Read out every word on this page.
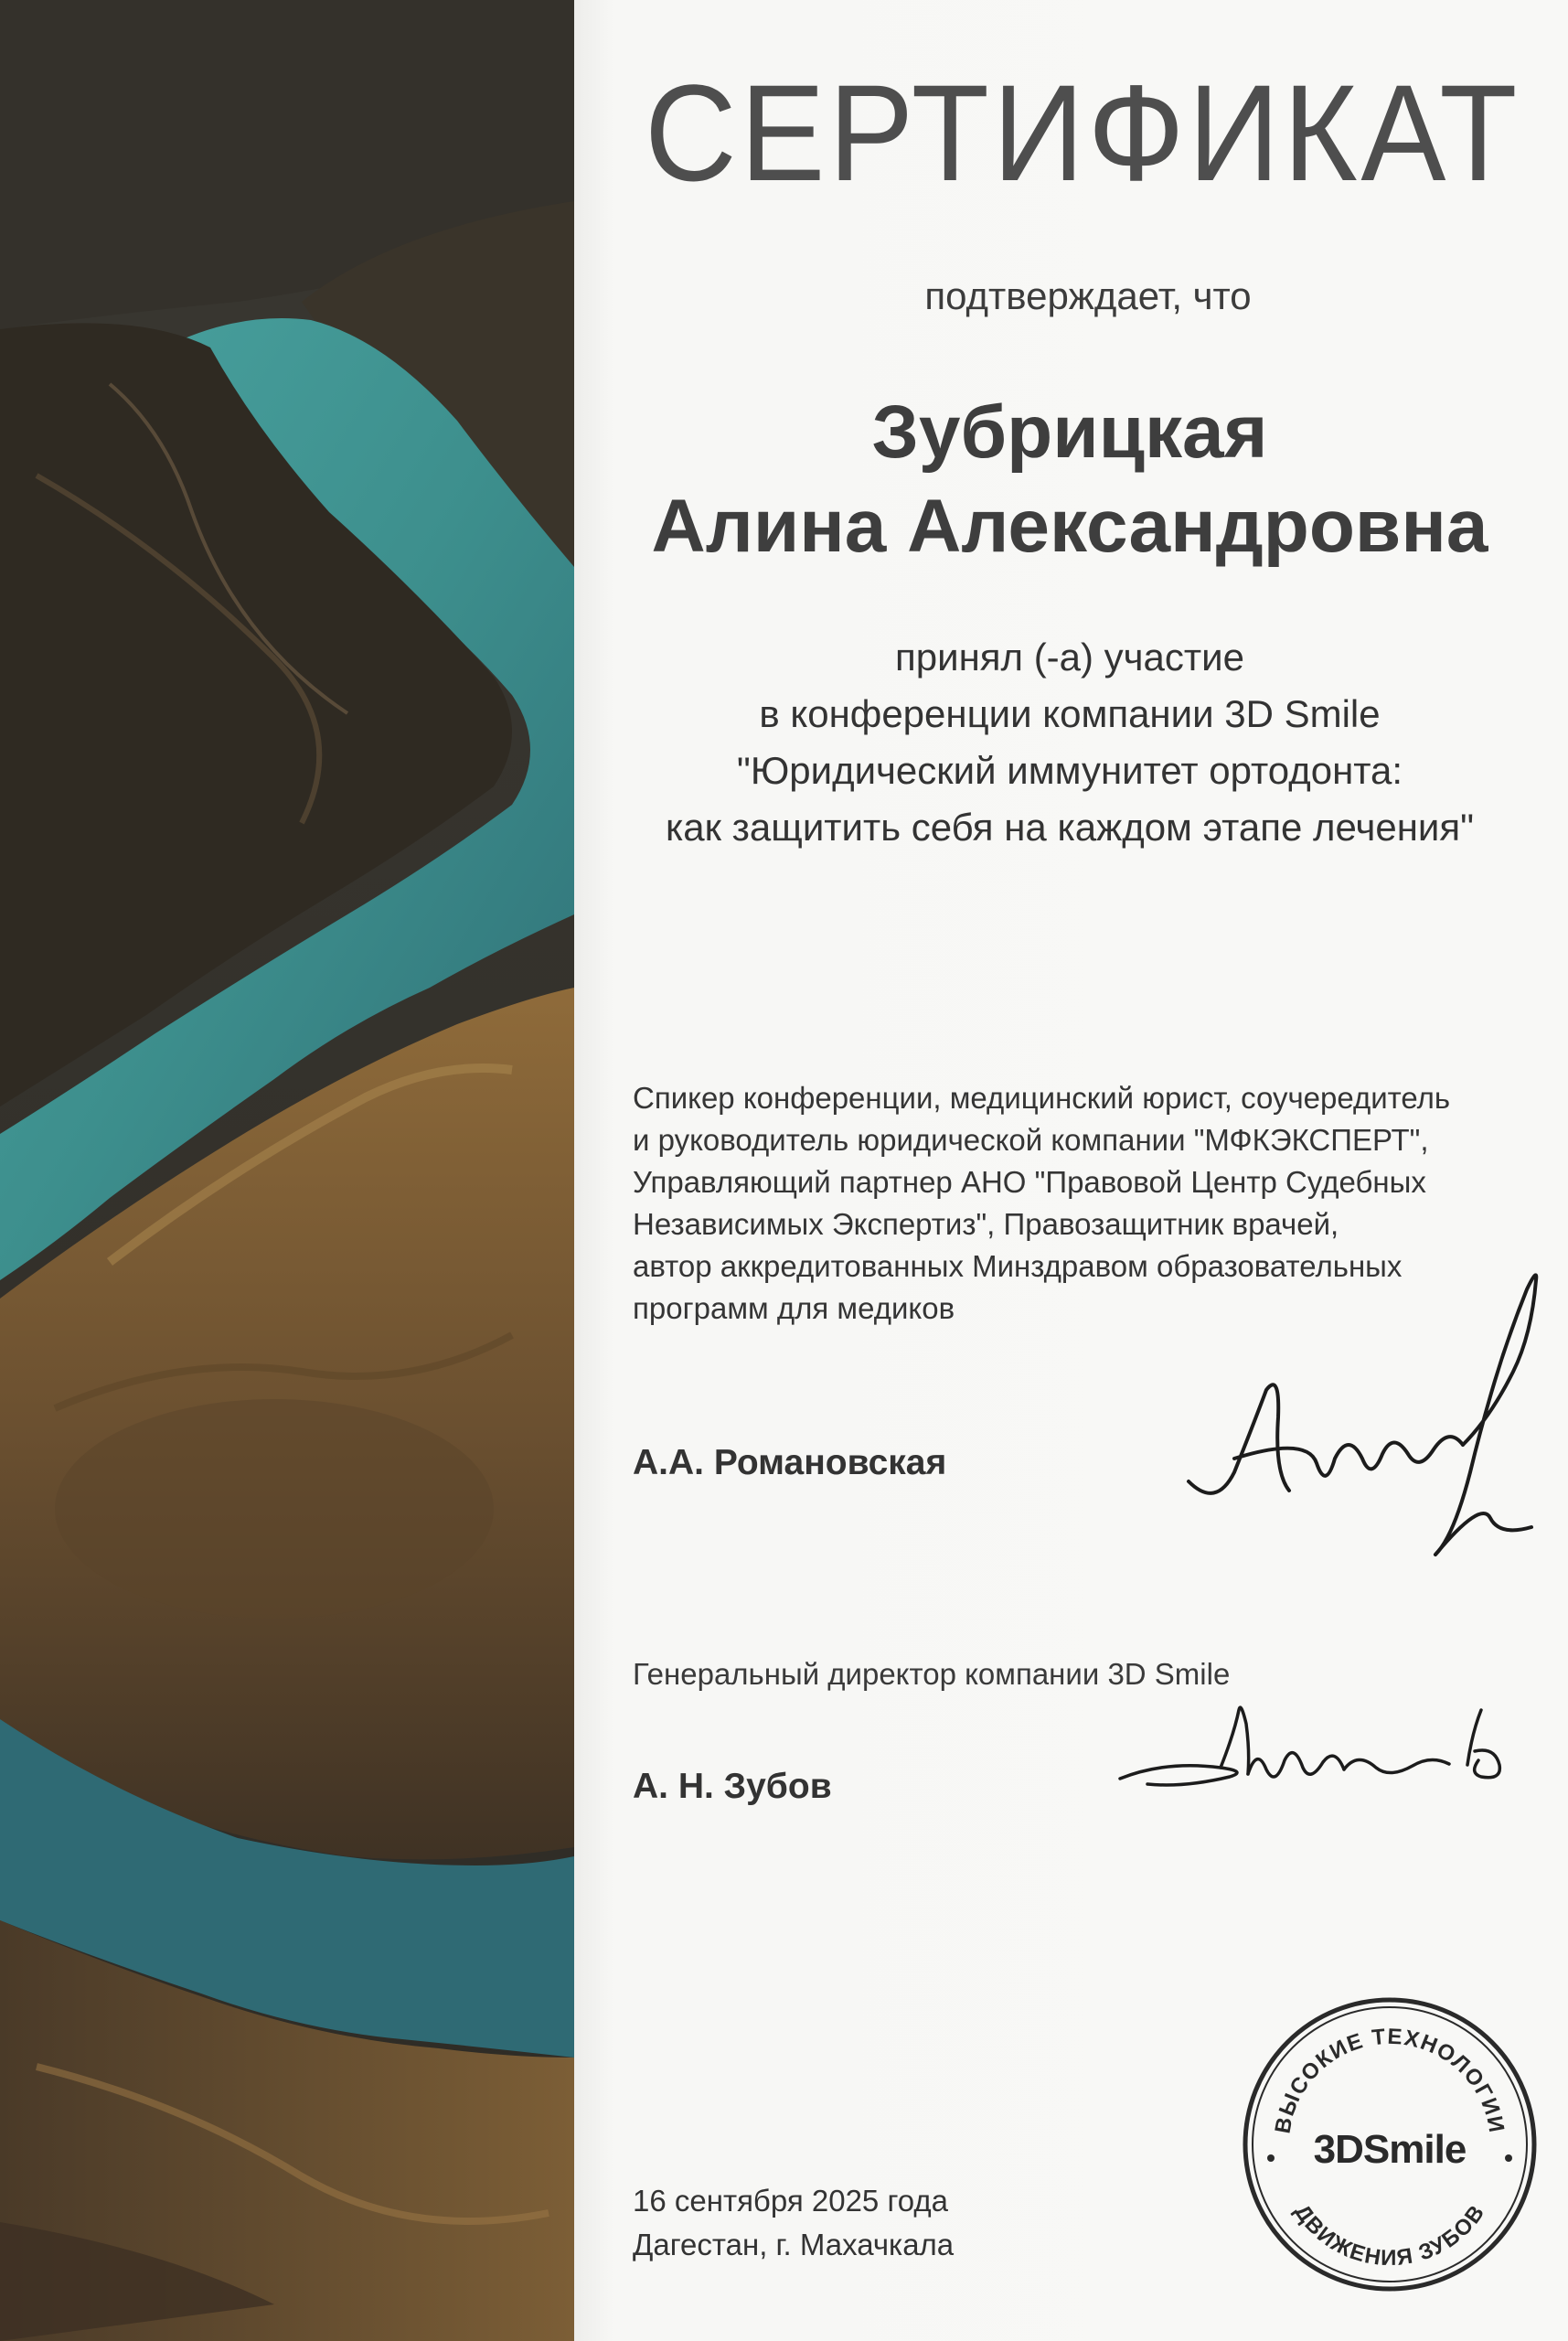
СЕРТИФИКАТ
подтверждает, что
Зубрицкая
Алина Александровна
принял (-а) участие
в конференции компании 3D Smile
"Юридический иммунитет ортодонта:
как защитить себя на каждом этапе лечения"
Спикер конференции, медицинский юрист, соучередитель
и руководитель юридической компании "МФКЭКСПЕРТ",
Управляющий партнер АНО "Правовой Центр Судебных
Независимых Экспертиз", Правозащитник врачей,
автор аккредитованных Минздравом образовательных
программ для медиков
А.А. Романовская
Генеральный директор компании 3D Smile
А. Н. Зубов
ВЫСОКИЕ ТЕХНОЛОГИИ
ДВИЖЕНИЯ ЗУБОВ
3DSmile
16 сентября 2025 года
Дагестан, г. Махачкала
